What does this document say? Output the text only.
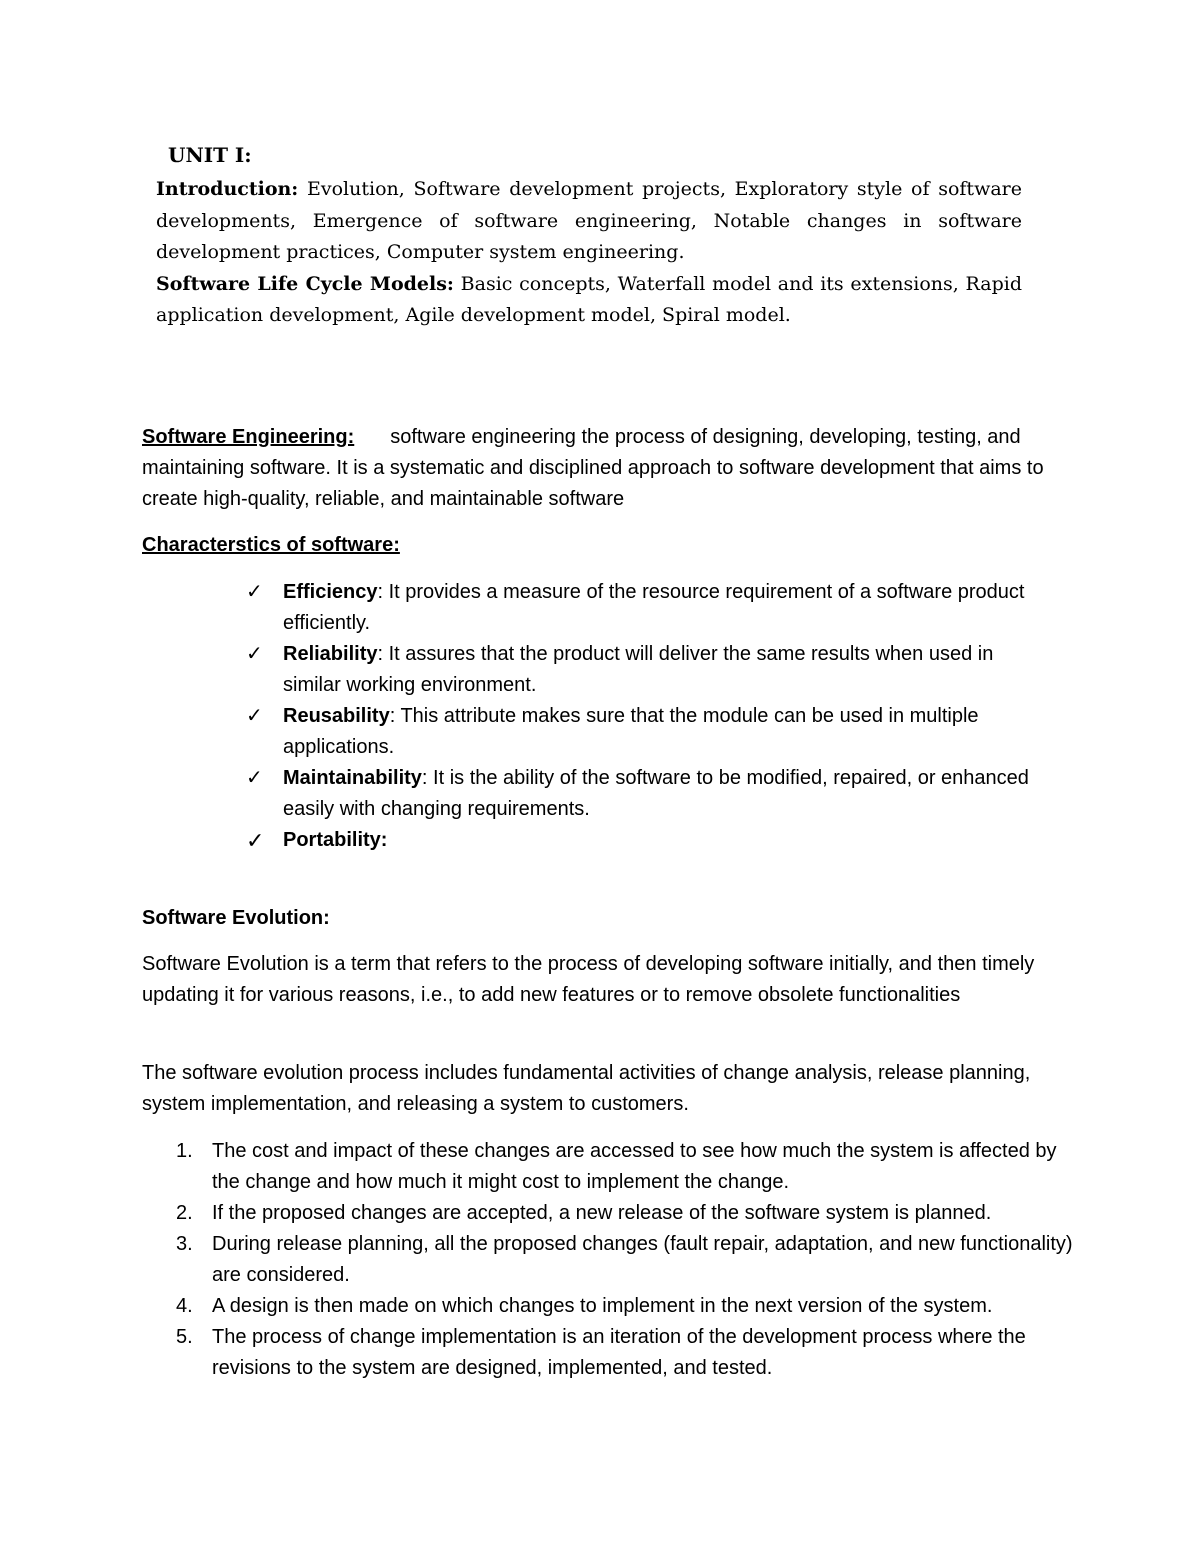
UNIT I:

Introduction: Evolution, Software development projects, Exploratory style of software developments, Emergence of software engineering, Notable changes in software development practices, Computer system engineering.

Software Life Cycle Models: Basic concepts, Waterfall model and its extensions, Rapid application development, Agile development model, Spiral model.

Software Engineering: software engineering the process of designing, developing, testing, and maintaining software. It is a systematic and disciplined approach to software development that aims to create high-quality, reliable, and maintainable software

Characterstics of software:

✓ Efficiency: It provides a measure of the resource requirement of a software product efficiently.
✓ Reliability: It assures that the product will deliver the same results when used in similar working environment.
✓ Reusability: This attribute makes sure that the module can be used in multiple applications.
✓ Maintainability: It is the ability of the software to be modified, repaired, or enhanced easily with changing requirements.
✓ Portability:

Software Evolution:

Software Evolution is a term that refers to the process of developing software initially, and then timely updating it for various reasons, i.e., to add new features or to remove obsolete functionalities

The software evolution process includes fundamental activities of change analysis, release planning, system implementation, and releasing a system to customers.

1. The cost and impact of these changes are accessed to see how much the system is affected by the change and how much it might cost to implement the change.
2. If the proposed changes are accepted, a new release of the software system is planned.
3. During release planning, all the proposed changes (fault repair, adaptation, and new functionality) are considered.
4. A design is then made on which changes to implement in the next version of the system.
5. The process of change implementation is an iteration of the development process where the revisions to the system are designed, implemented, and tested.
